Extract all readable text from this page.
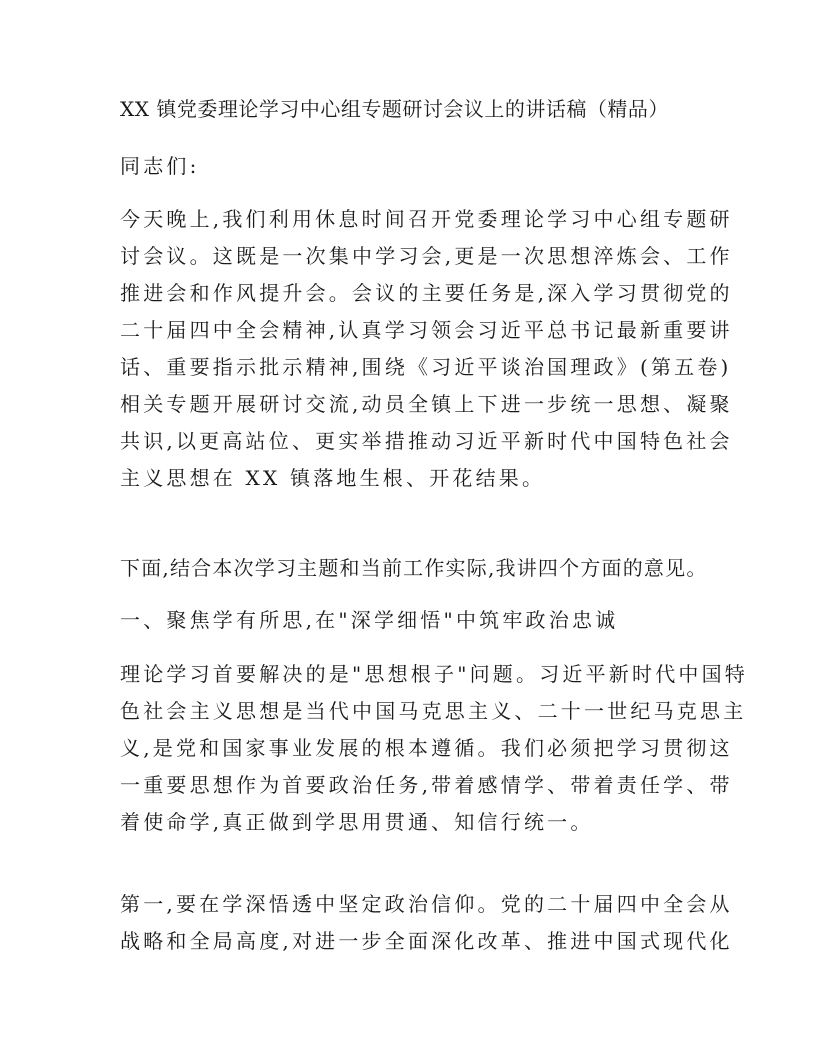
XX 镇党委理论学习中心组专题研讨会议上的讲话稿（精品）
同志们:
今天晚上,我们利用休息时间召开党委理论学习中心组专题研
讨会议。这既是一次集中学习会,更是一次思想淬炼会、工作
推进会和作风提升会。会议的主要任务是,深入学习贯彻党的
二十届四中全会精神,认真学习领会习近平总书记最新重要讲
话、重要指示批示精神,围绕《习近平谈治国理政》(第五卷)
相关专题开展研讨交流,动员全镇上下进一步统一思想、凝聚
共识,以更高站位、更实举措推动习近平新时代中国特色社会
主义思想在 XX 镇落地生根、开花结果。
下面,结合本次学习主题和当前工作实际,我讲四个方面的意见。
一、聚焦学有所思,在"深学细悟"中筑牢政治忠诚
理论学习首要解决的是"思想根子"问题。习近平新时代中国特
色社会主义思想是当代中国马克思主义、二十一世纪马克思主
义,是党和国家事业发展的根本遵循。我们必须把学习贯彻这
一重要思想作为首要政治任务,带着感情学、带着责任学、带
着使命学,真正做到学思用贯通、知信行统一。
第一,要在学深悟透中坚定政治信仰。党的二十届四中全会从
战略和全局高度,对进一步全面深化改革、推进中国式现代化
